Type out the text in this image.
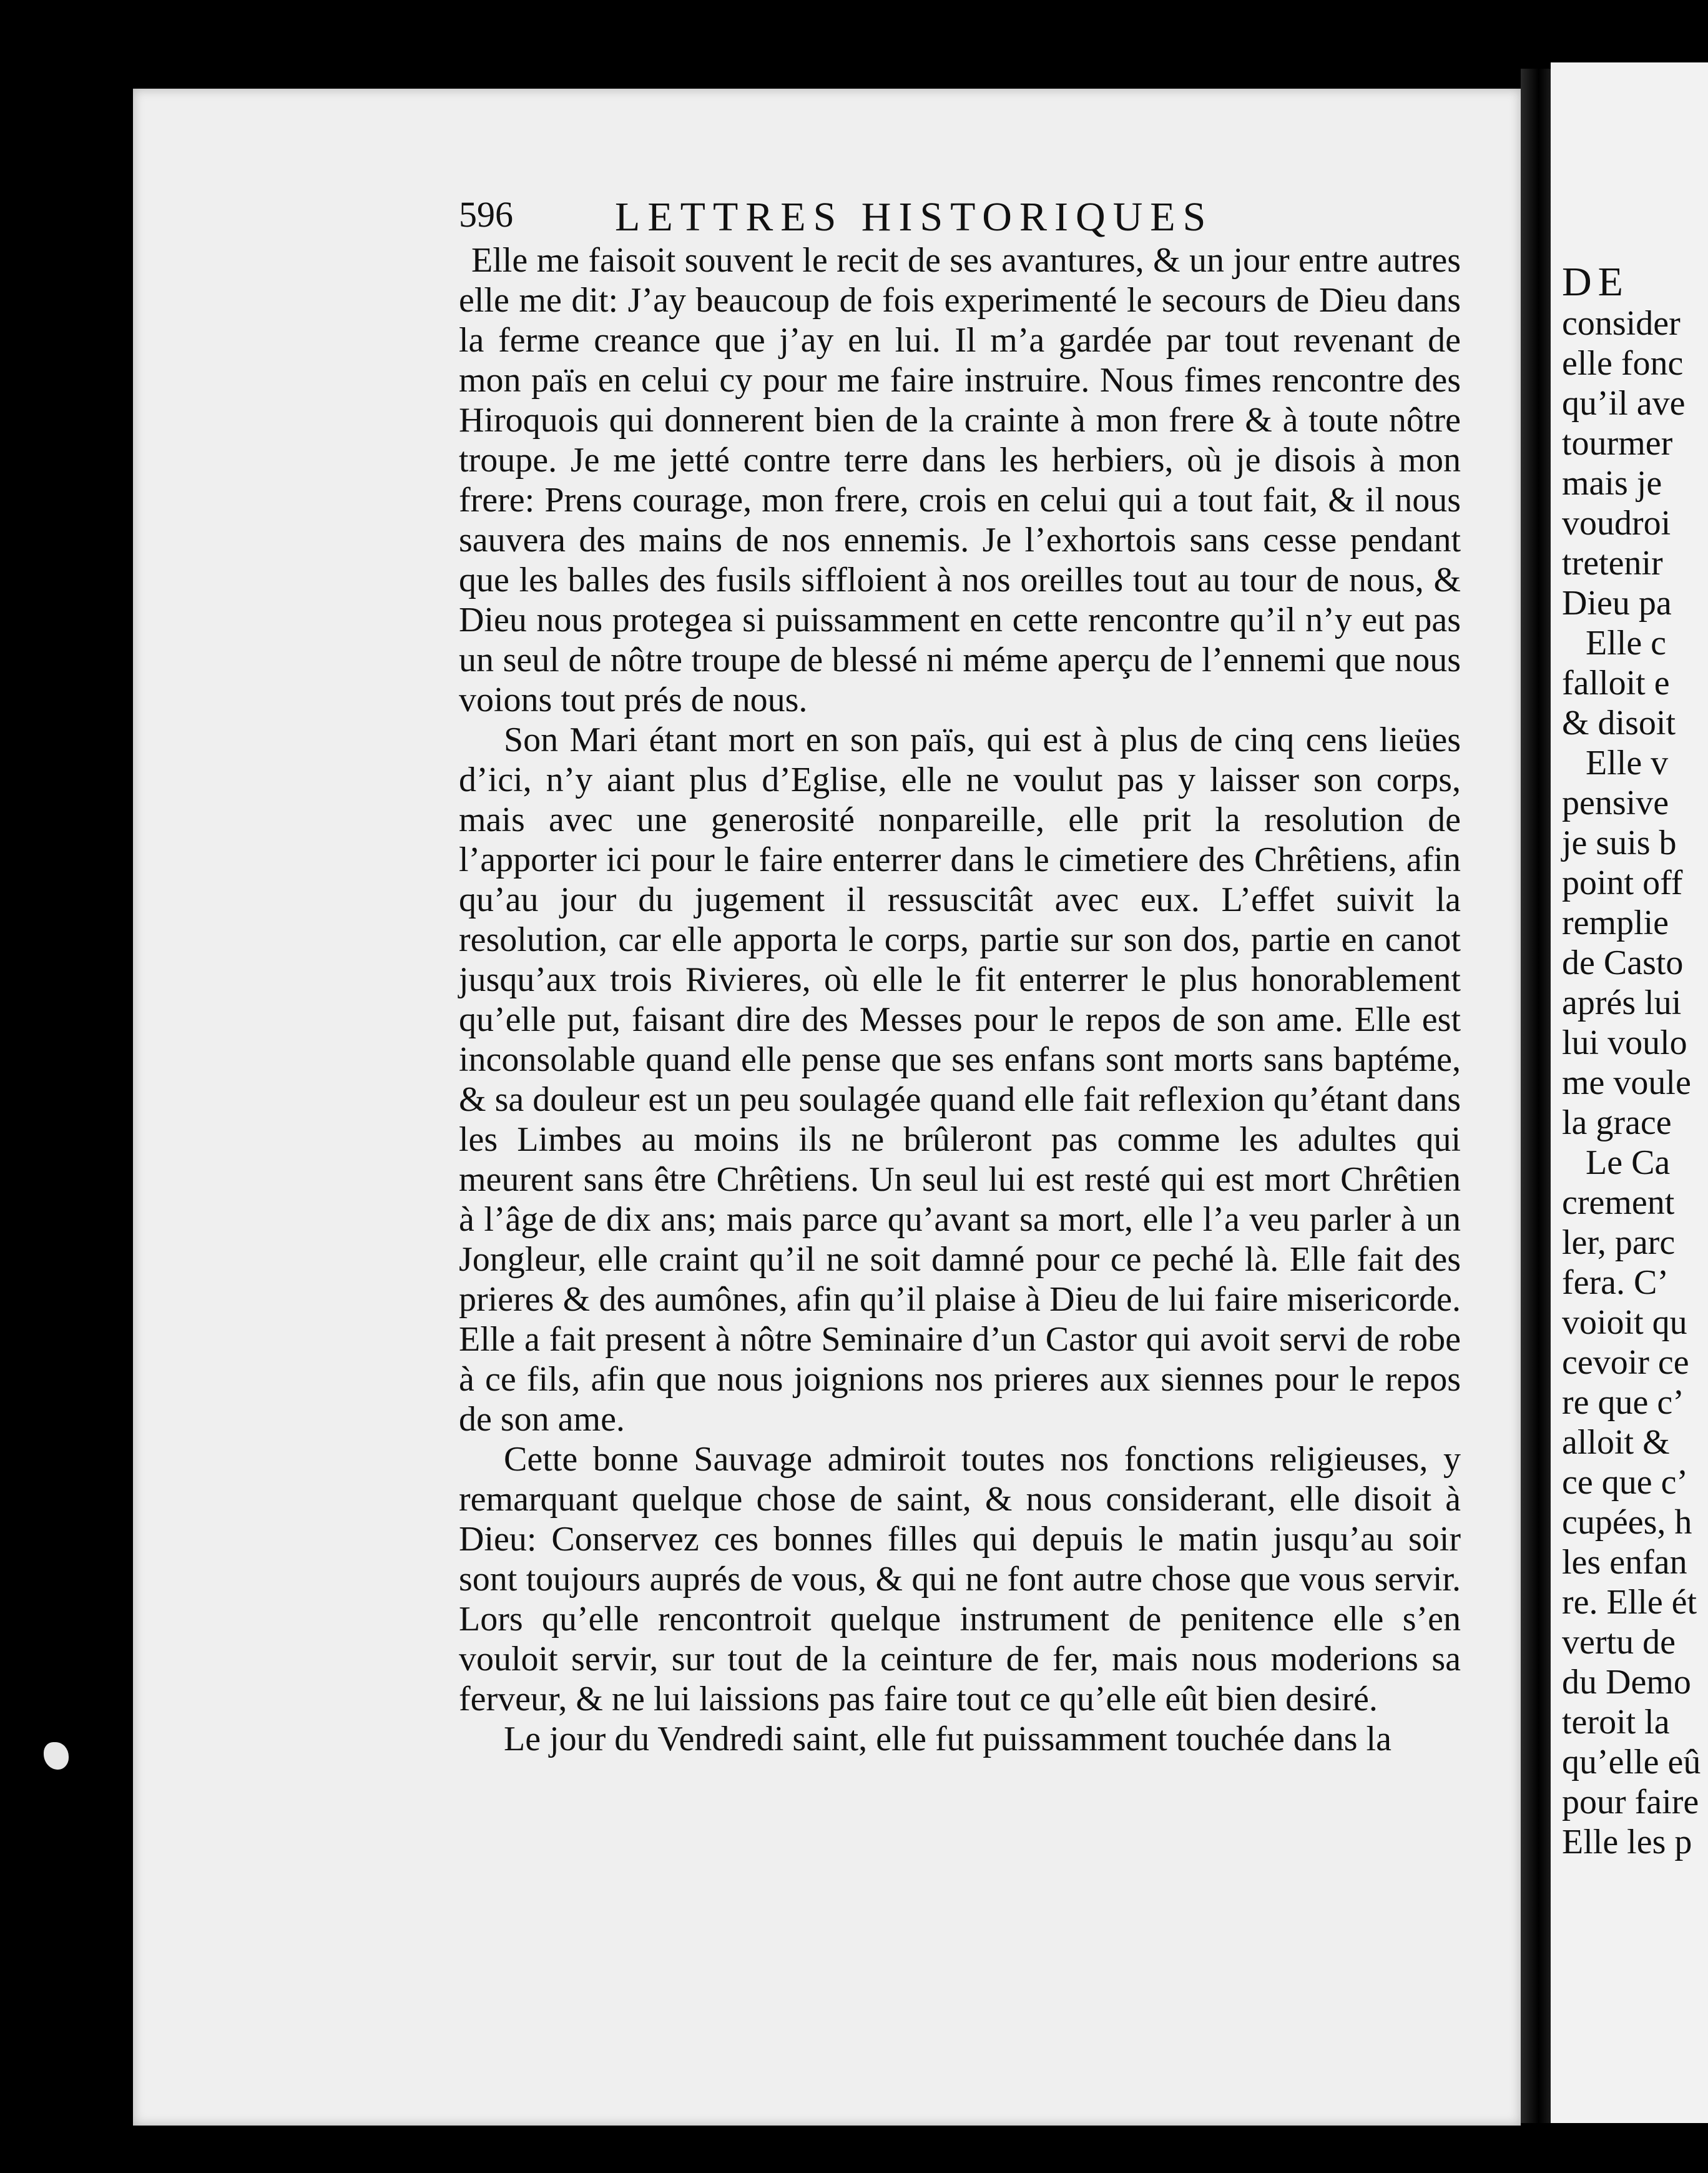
DE
consider
elle fonc
qu’il ave
tourmer
mais je
voudroi
tretenir
Dieu pa
Elle c
falloit e
& disoit
Elle v
pensive
je suis b
point off
remplie
de Casto
aprés lui
lui voulo
me voule
la grace
Le Ca
crement
ler, parc
fera. C’
voioit qu
cevoir ce
re que c’
alloit &
ce que c’
cupées, h
les enfan
re. Elle ét
vertu de
du Demo
teroit la
qu’elle eû
pour faire
Elle les p
596 LETTRES HISTORIQUES

Elle me faisoit souvent le recit de ses avantures, & un jour entre autres elle me dit: J’ay beaucoup de fois experimenté le secours de Dieu dans la ferme creance que j’ay en lui. Il m’a gardée par tout revenant de mon païs en celui cy pour me faire instruire. Nous fimes rencontre des Hiroquois qui donnerent bien de la crainte à mon frere & à toute nôtre troupe. Je me jetté contre terre dans les herbiers, où je disois à mon frere: Prens courage, mon frere, crois en celui qui a tout fait, & il nous sauvera des mains de nos ennemis. Je l’exhortois sans cesse pendant que les balles des fusils siffloient à nos oreilles tout au tour de nous, & Dieu nous protegea si puissamment en cette rencontre qu’il n’y eut pas un seul de nôtre troupe de blessé ni méme aperçu de l’ennemi que nous voions tout prés de nous.

Son Mari étant mort en son païs, qui est à plus de cinq cens lieües d’ici, n’y aiant plus d’Eglise, elle ne voulut pas y laisser son corps, mais avec une generosité nonpareille, elle prit la resolution de l’apporter ici pour le faire enterrer dans le cimetiere des Chrêtiens, afin qu’au jour du jugement il ressuscitât avec eux. L’effet suivit la resolution, car elle apporta le corps, partie sur son dos, partie en canot jusqu’aux trois Rivieres, où elle le fit enterrer le plus honorablement qu’elle put, faisant dire des Messes pour le repos de son ame. Elle est inconsolable quand elle pense que ses enfans sont morts sans baptéme, & sa douleur est un peu soulagée quand elle fait reflexion qu’étant dans les Limbes au moins ils ne brûleront pas comme les adultes qui meurent sans être Chrêtiens. Un seul lui est resté qui est mort Chrêtien à l’âge de dix ans; mais parce qu’avant sa mort, elle l’a veu parler à un Jongleur, elle craint qu’il ne soit damné pour ce peché là. Elle fait des prieres & des aumônes, afin qu’il plaise à Dieu de lui faire misericorde. Elle a fait present à nôtre Seminaire d’un Castor qui avoit servi de robe à ce fils, afin que nous joignions nos prieres aux siennes pour le repos de son ame.

Cette bonne Sauvage admiroit toutes nos fonctions religieuses, y remarquant quelque chose de saint, & nous considerant, elle disoit à Dieu: Conservez ces bonnes filles qui depuis le matin jusqu’au soir sont toujours auprés de vous, & qui ne font autre chose que vous servir. Lors qu’elle rencontroit quelque instrument de penitence elle s’en vouloit servir, sur tout de la ceinture de fer, mais nous moderions sa ferveur, & ne lui laissions pas faire tout ce qu’elle eût bien desiré.

Le jour du Vendredi saint, elle fut puissamment touchée dans la
